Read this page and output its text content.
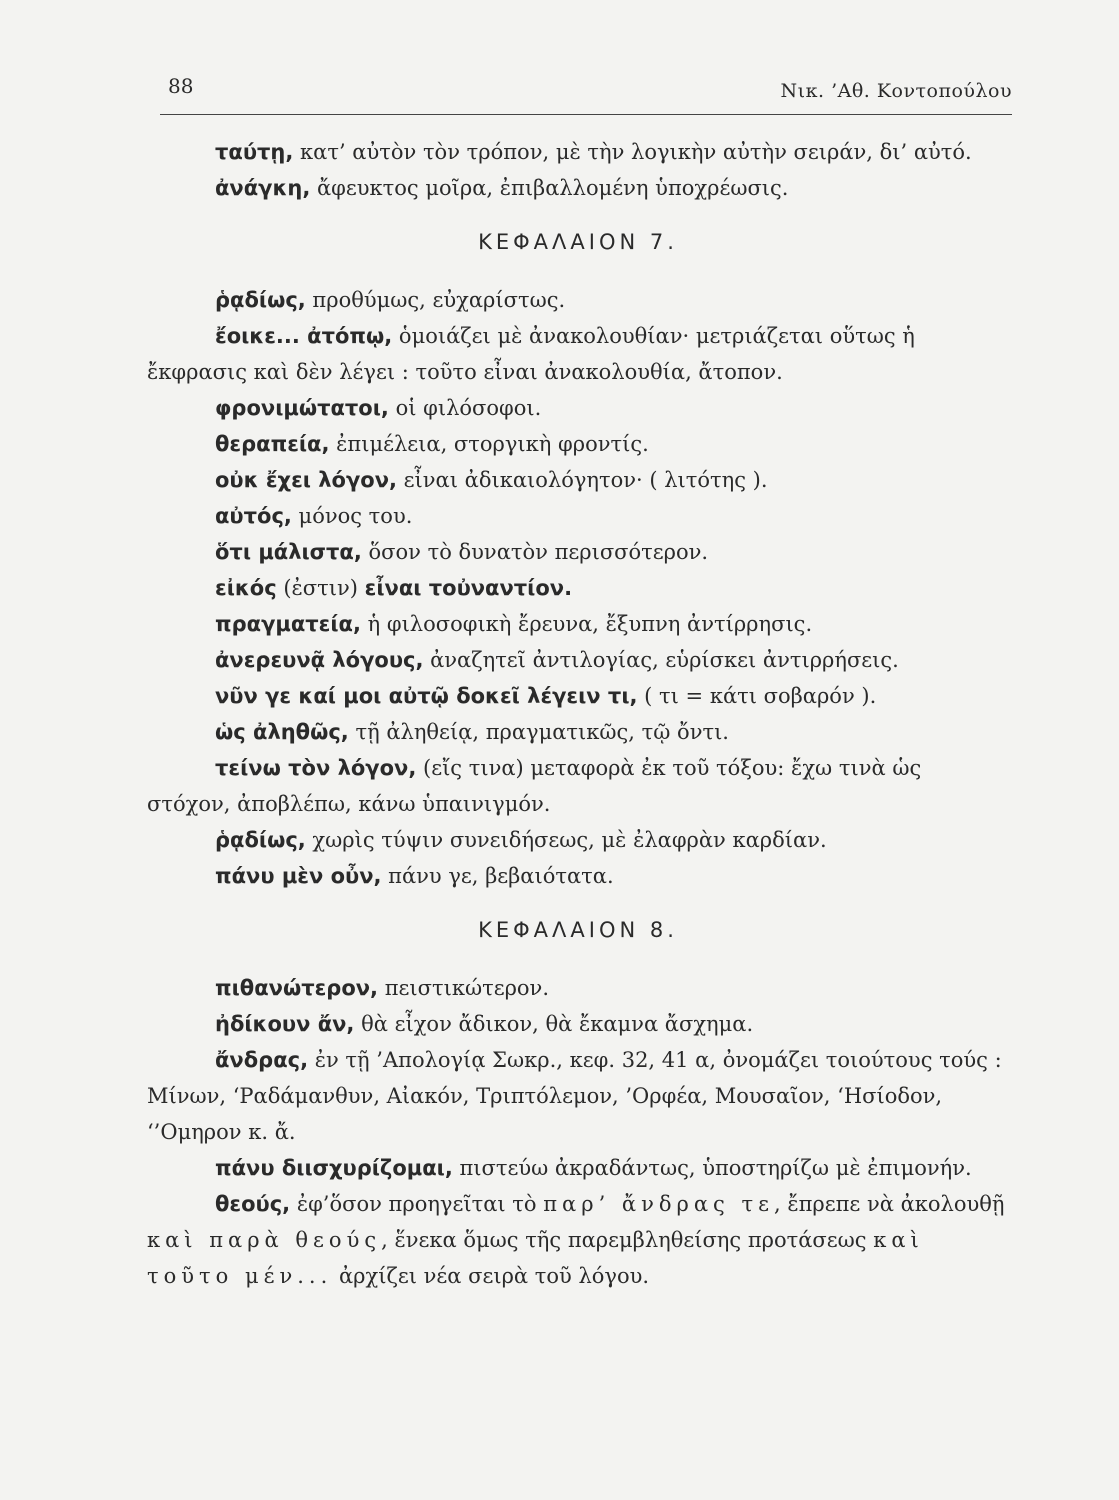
88	Νικ. ’Αθ. Κοντοπούλου

ταύτῃ, κατ’ αὐτὸν τὸν τρόπον, μὲ τὴν λογικὴν αὐτὴν σειράν, δι’ αὐτό.

ἀνάγκη, ἄφευκτος μοῖρα, ἐπιβαλλομένη ὑποχρέωσις.

ΚΕΦΑΛΑΙΟΝ 7.

ῥᾳδίως, προθύμως, εὐχαρίστως.

ἔοικε... ἀτόπῳ, ὁμοιάζει μὲ ἀνακολουθίαν· μετριάζεται οὕτως ἡ ἔκφρασις καὶ δὲν λέγει : τοῦτο εἶναι ἀνακολουθία, ἄτοπον.

φρονιμώτατοι, οἱ φιλόσοφοι.

θεραπεία, ἐπιμέλεια, στοργικὴ φροντίς.

οὐκ ἔχει λόγον, εἶναι ἀδικαιολόγητον· ( λιτότης ).

αὐτός, μόνος του.

ὅτι μάλιστα, ὅσον τὸ δυνατὸν περισσότερον.

εἰκός (ἐστιν) εἶναι τοὐναντίον.

πραγματεία, ἡ φιλοσοφικὴ ἔρευνα, ἔξυπνη ἀντίρρησις.

ἀνερευνᾷ λόγους, ἀναζητεῖ ἀντιλογίας, εὑρίσκει ἀντιρρήσεις.

νῦν γε καί μοι αὐτῷ δοκεῖ λέγειν τι, ( τι = κάτι σοβαρόν ).

ὡς ἀληθῶς, τῇ ἀληθείᾳ, πραγματικῶς, τῷ ὄντι.

τείνω τὸν λόγον, (εἴς τινα) μεταφορὰ ἐκ τοῦ τόξου: ἔχω τινὰ ὡς στόχον, ἀποβλέπω, κάνω ὑπαινιγμόν.

ῥᾳδίως, χωρὶς τύψιν συνειδήσεως, μὲ ἐλαφρὰν καρδίαν.

πάνυ μὲν οὖν, πάνυ γε, βεβαιότατα.

ΚΕΦΑΛΑΙΟΝ 8.

πιθανώτερον, πειστικώτερον.

ἠδίκουν ἄν, θὰ εἶχον ἄδικον, θὰ ἔκαμνα ἄσχημα.

ἄνδρας, ἐν τῇ ’Απολογίᾳ Σωκρ., κεφ. 32, 41 α, ὀνομάζει τοιούτους τούς : Μίνων, ‘Ραδάμανθυν, Αἰακόν, Τριπτόλεμον, ’Ορφέα, Μουσαῖον, ‘Ησίοδον, ‘’Ομηρον κ. ἄ.

πάνυ διισχυρίζομαι, πιστεύω ἀκραδάντως, ὑποστηρίζω μὲ ἐπιμονήν.

θεούς, ἐφ’ὅσον προηγεῖται τὸ παρ’ ἄνδρας τε, ἔπρεπε νὰ ἀκολουθῇ καὶ παρὰ θεούς, ἕνεκα ὅμως τῆς παρεμβληθείσης προτάσεως καὶ τοῦτο μέν... ἀρχίζει νέα σειρὰ τοῦ λόγου.
